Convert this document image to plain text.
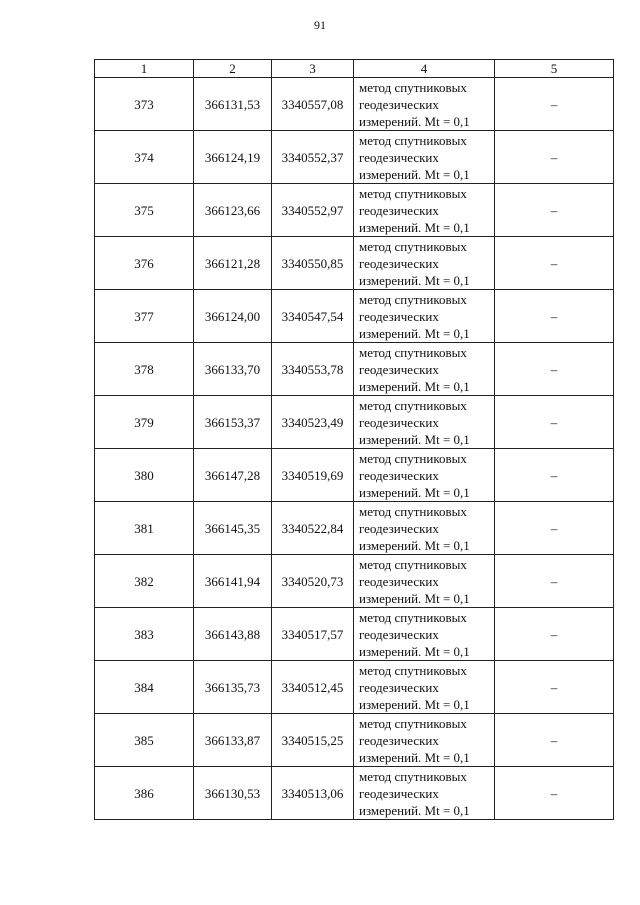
91
1	2	3	4	5
373	366131,53	3340557,08	метод спутниковых
геодезических
измерений. Mt = 0,1	–
374	366124,19	3340552,37	метод спутниковых
геодезических
измерений. Mt = 0,1	–
375	366123,66	3340552,97	метод спутниковых
геодезических
измерений. Mt = 0,1	–
376	366121,28	3340550,85	метод спутниковых
геодезических
измерений. Mt = 0,1	–
377	366124,00	3340547,54	метод спутниковых
геодезических
измерений. Mt = 0,1	–
378	366133,70	3340553,78	метод спутниковых
геодезических
измерений. Mt = 0,1	–
379	366153,37	3340523,49	метод спутниковых
геодезических
измерений. Mt = 0,1	–
380	366147,28	3340519,69	метод спутниковых
геодезических
измерений. Mt = 0,1	–
381	366145,35	3340522,84	метод спутниковых
геодезических
измерений. Mt = 0,1	–
382	366141,94	3340520,73	метод спутниковых
геодезических
измерений. Mt = 0,1	–
383	366143,88	3340517,57	метод спутниковых
геодезических
измерений. Mt = 0,1	–
384	366135,73	3340512,45	метод спутниковых
геодезических
измерений. Mt = 0,1	–
385	366133,87	3340515,25	метод спутниковых
геодезических
измерений. Mt = 0,1	–
386	366130,53	3340513,06	метод спутниковых
геодезических
измерений. Mt = 0,1	–
